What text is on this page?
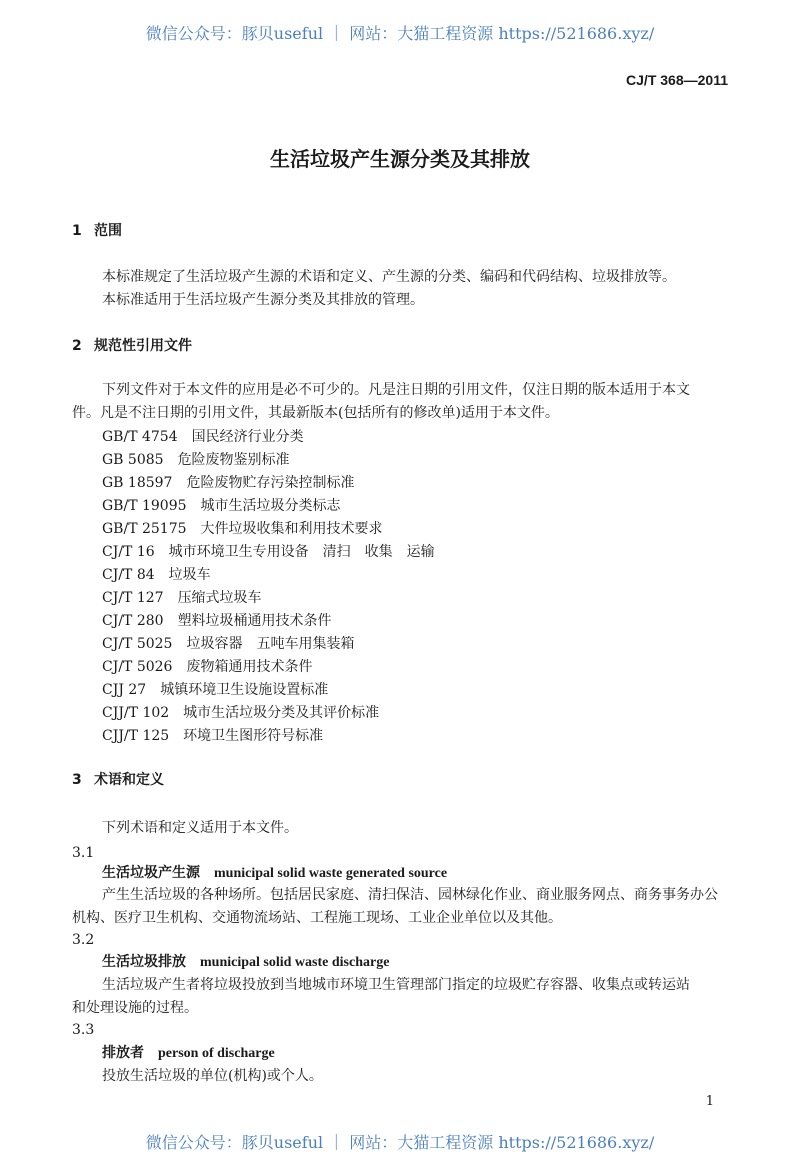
微信公众号：豚贝useful ｜ 网站：大猫工程资源 https://521686.xyz/
CJ/T 368—2011
生活垃圾产生源分类及其排放
1 范围
本标准规定了生活垃圾产生源的术语和定义、产生源的分类、编码和代码结构、垃圾排放等。
本标准适用于生活垃圾产生源分类及其排放的管理。
2 规范性引用文件
下列文件对于本文件的应用是必不可少的。凡是注日期的引用文件，仅注日期的版本适用于本文
件。凡是不注日期的引用文件，其最新版本(包括所有的修改单)适用于本文件。
GB/T 4754 国民经济行业分类
GB 5085 危险废物鉴别标准
GB 18597 危险废物贮存污染控制标准
GB/T 19095 城市生活垃圾分类标志
GB/T 25175 大件垃圾收集和利用技术要求
CJ/T 16 城市环境卫生专用设备　清扫　收集　运输
CJ/T 84 垃圾车
CJ/T 127 压缩式垃圾车
CJ/T 280 塑料垃圾桶通用技术条件
CJ/T 5025 垃圾容器　五吨车用集装箱
CJ/T 5026 废物箱通用技术条件
CJJ 27 城镇环境卫生设施设置标准
CJJ/T 102 城市生活垃圾分类及其评价标准
CJJ/T 125 环境卫生图形符号标准
3 术语和定义
下列术语和定义适用于本文件。
3.1
生活垃圾产生源 municipal solid waste generated source
产生生活垃圾的各种场所。包括居民家庭、清扫保洁、园林绿化作业、商业服务网点、商务事务办公
机构、医疗卫生机构、交通物流场站、工程施工现场、工业企业单位以及其他。
3.2
生活垃圾排放 municipal solid waste discharge
生活垃圾产生者将垃圾投放到当地城市环境卫生管理部门指定的垃圾贮存容器、收集点或转运站
和处理设施的过程。
3.3
排放者 person of discharge
投放生活垃圾的单位(机构)或个人。
1
微信公众号：豚贝useful ｜ 网站：大猫工程资源 https://521686.xyz/
